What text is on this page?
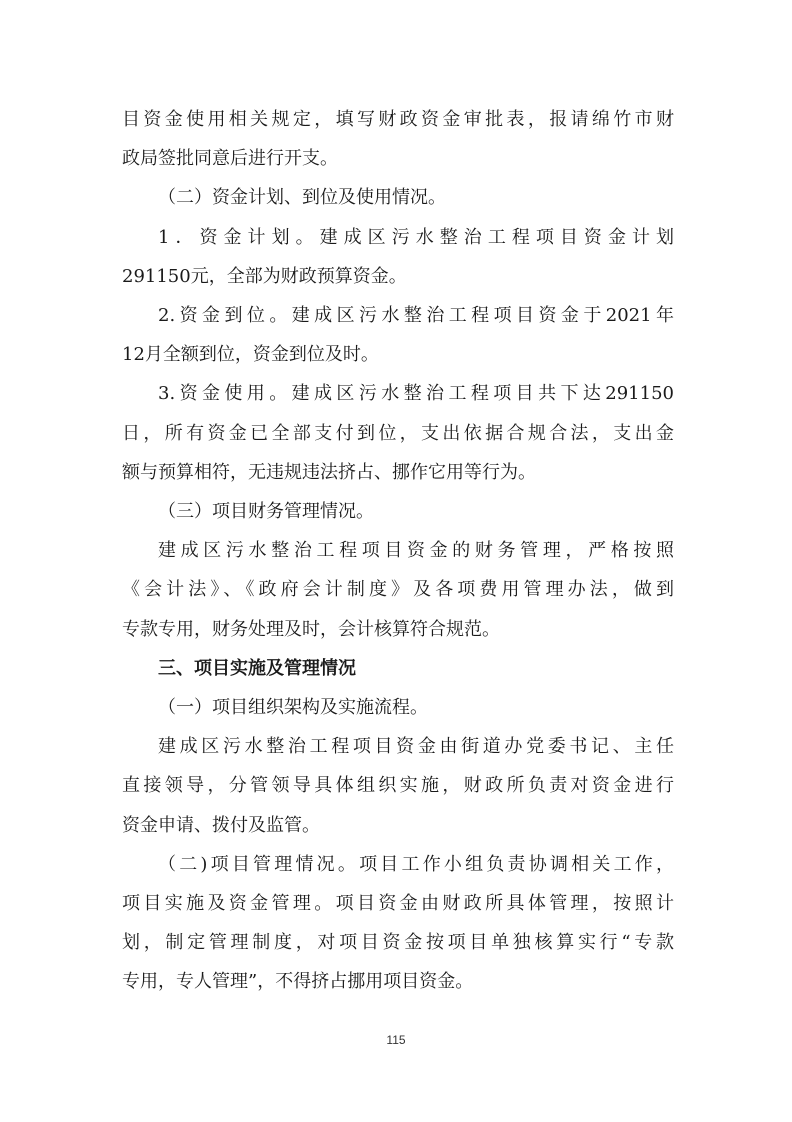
目资金使用相关规定，填写财政资金审批表，报请绵竹市财
政局签批同意后进行开支。
（二）资金计划、到位及使用情况。
1．资金计划。建成区污水整治工程项目资金计划
291150元，全部为财政预算资金。
2.资金到位。建成区污水整治工程项目资金于2021年
12月全额到位，资金到位及时。
3.资金使用。建成区污水整治工程项目共下达291150
日，所有资金已全部支付到位，支出依据合规合法，支出金
额与预算相符，无违规违法挤占、挪作它用等行为。
（三）项目财务管理情况。
建成区污水整治工程项目资金的财务管理，严格按照
《会计法》、《政府会计制度》及各项费用管理办法，做到
专款专用，财务处理及时，会计核算符合规范。
三、项目实施及管理情况
（一）项目组织架构及实施流程。
建成区污水整治工程项目资金由街道办党委书记、主任
直接领导，分管领导具体组织实施，财政所负责对资金进行
资金申请、拨付及监管。
（二)项目管理情况。项目工作小组负责协调相关工作，
项目实施及资金管理。项目资金由财政所具体管理，按照计
划，制定管理制度，对项目资金按项目单独核算实行“专款
专用，专人管理”，不得挤占挪用项目资金。
115
